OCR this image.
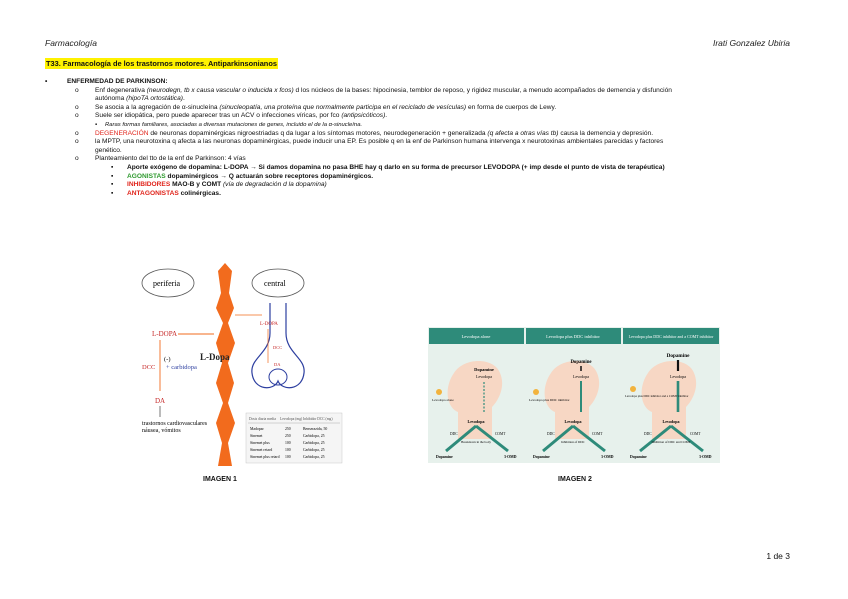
Farmacología	Irati Gonzalez Ubiria
T33. Farmacología de los trastornos motores. Antiparkinsonianos
•	ENFERMEDAD DE PARKINSON:
o Enf degenerativa (neurodegn, tb x causa vascular o inducida x fcos) d los núcleos de la bases: hipocinesia, temblor de reposo, y rigidez muscular, a menudo acompañados de demencia y disfunción
autónoma (hipoTA ortostática).
o Se asocia a la agregación de α-sinucleína (sinucleopatía, una proteína que normalmente participa en el reciclado de vesículas) en forma de cuerpos de Lewy.
o Suele ser idiopática, pero puede aparecer tras un ACV o infecciones víricas, por fco (antipsicóticos).
▪ Raras formas familiares, asociadas a diversas mutaciones de genes, incluido el de la α-sinucleína.
o DEGENERACIÓN de neuronas dopaminérgicas nigroestriadas q da lugar a los síntomas motores, neurodegeneración + generalizada (q afecta a otras vías tb) causa la demencia y depresión.
o la MPTP, una neurotoxina q afecta a las neuronas dopaminérgicas, puede inducir una EP. Es posible q en la enf de Parkinson humana intervenga x neurotoxinas ambientales parecidas y factores
genético.
o Planteamiento del tto de la enf de Parkinson: 4 vías
▪ Aporte exógeno de dopamina: L-DOPA → Si damos dopamina no pasa BHE hay q darlo en su forma de precursor LEVODOPA (+ imp desde el punto de vista de terapéutica)
▪ AGONISTAS dopaminérgicos → Q actuarán sobre receptores dopaminérgicos.
▪ INHIBIDORES MAO-B y COMT (vía de degradación d la dopamina)
▪ ANTAGONISTAS colinérgicas.
periferia	central
L-Dopa
L-DOPA
(-)
DCC + carbidopa
DA
trastornos cardiovasculares
náusea, vómitos
L-DOPA
DCC
DA
Dosis diaria media Levodopa (mg) Inhibidor DCC (mg)
Madopar	250	Benserazida, 50
Sinemet	250	Carbidopa, 25
Sinemet plus	100	Carbidopa, 25
Sinemet retard	100	Carbidopa, 25
Sinemet plus retard 100	Carbidopa, 25
Levodopa alone
Dopamine
Levodopa
Levodopa alone
Levodopa
DDC	COMT
Breakdown in the body
Dopamine	3-OMD
Levodopa plus DDC inhibitor
Dopamine
Levodopa
Levodopa plus DDC inhibitor
Levodopa
DDC	COMT
Inhibition of DDC
Dopamine	3-OMD
Levodopa plus DDC inhibitor and a COMT inhibitor
Dopamine
Levodopa
Levodopa plus DDC inhibitor and a COMT inhibitor
Levodopa
DDC	COMT
Inhibition of DDC and COMT
Dopamine	3-OMD
IMAGEN 1	IMAGEN 2
1 de 3
